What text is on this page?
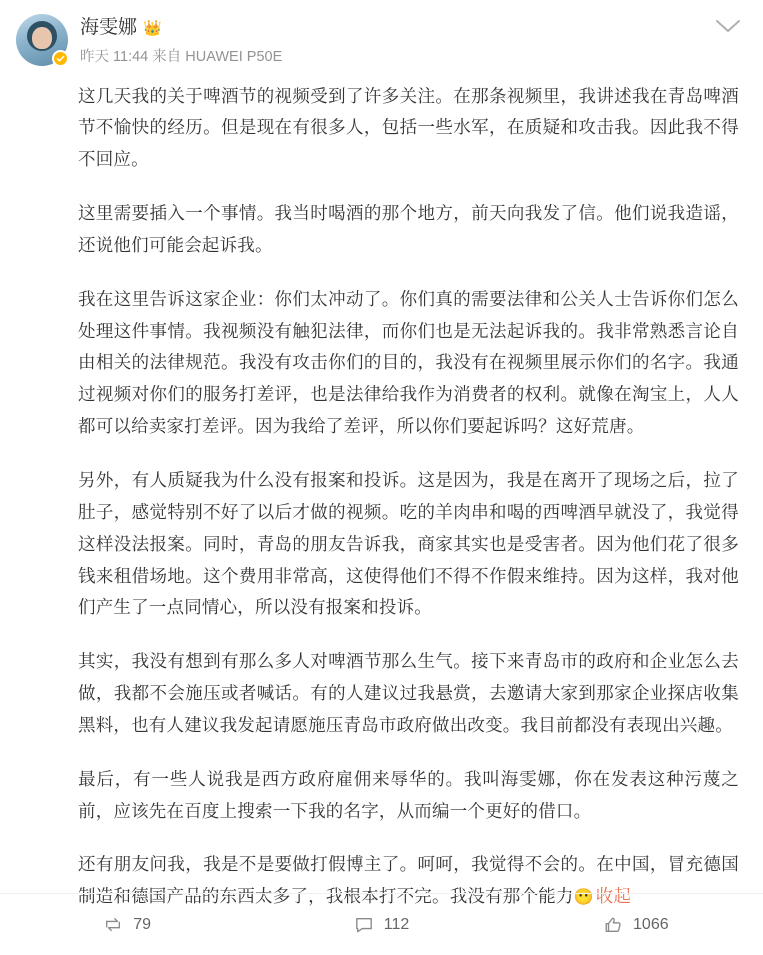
海雯娜 👑
昨天 11:44 来自 HUAWEI P50E

这几天我的关于啤酒节的视频受到了许多关注。在那条视频里，我讲述我在青岛啤酒节不愉快的经历。但是现在有很多人，包括一些水军，在质疑和攻击我。因此我不得不回应。

这里需要插入一个事情。我当时喝酒的那个地方，前天向我发了信。他们说我造谣，还说他们可能会起诉我。

我在这里告诉这家企业：你们太冲动了。你们真的需要法律和公关人士告诉你们怎么处理这件事情。我视频没有触犯法律，而你们也是无法起诉我的。我非常熟悉言论自由相关的法律规范。我没有攻击你们的目的，我没有在视频里展示你们的名字。我通过视频对你们的服务打差评，也是法律给我作为消费者的权利。就像在淘宝上，人人都可以给卖家打差评。因为我给了差评，所以你们要起诉吗？这好荒唐。

另外，有人质疑我为什么没有报案和投诉。这是因为，我是在离开了现场之后，拉了肚子，感觉特别不好了以后才做的视频。吃的羊肉串和喝的西啤酒早就没了，我觉得这样没法报案。同时，青岛的朋友告诉我，商家其实也是受害者。因为他们花了很多钱来租借场地。这个费用非常高，这使得他们不得不作假来维持。因为这样，我对他们产生了一点同情心，所以没有报案和投诉。

其实，我没有想到有那么多人对啤酒节那么生气。接下来青岛市的政府和企业怎么去做，我都不会施压或者喊话。有的人建议过我悬赏，去邀请大家到那家企业探店收集黑料，也有人建议我发起请愿施压青岛市政府做出改变。我目前都没有表现出兴趣。

最后，有一些人说我是西方政府雇佣来辱华的。我叫海雯娜，你在发表这种污蔑之前，应该先在百度上搜索一下我的名字，从而编一个更好的借口。

还有朋友问我，我是不是要做打假博主了。呵呵，我觉得不会的。在中国，冒充德国制造和德国产品的东西太多了，我根本打不完。我没有那个能力😶 收起

79	112	1066
